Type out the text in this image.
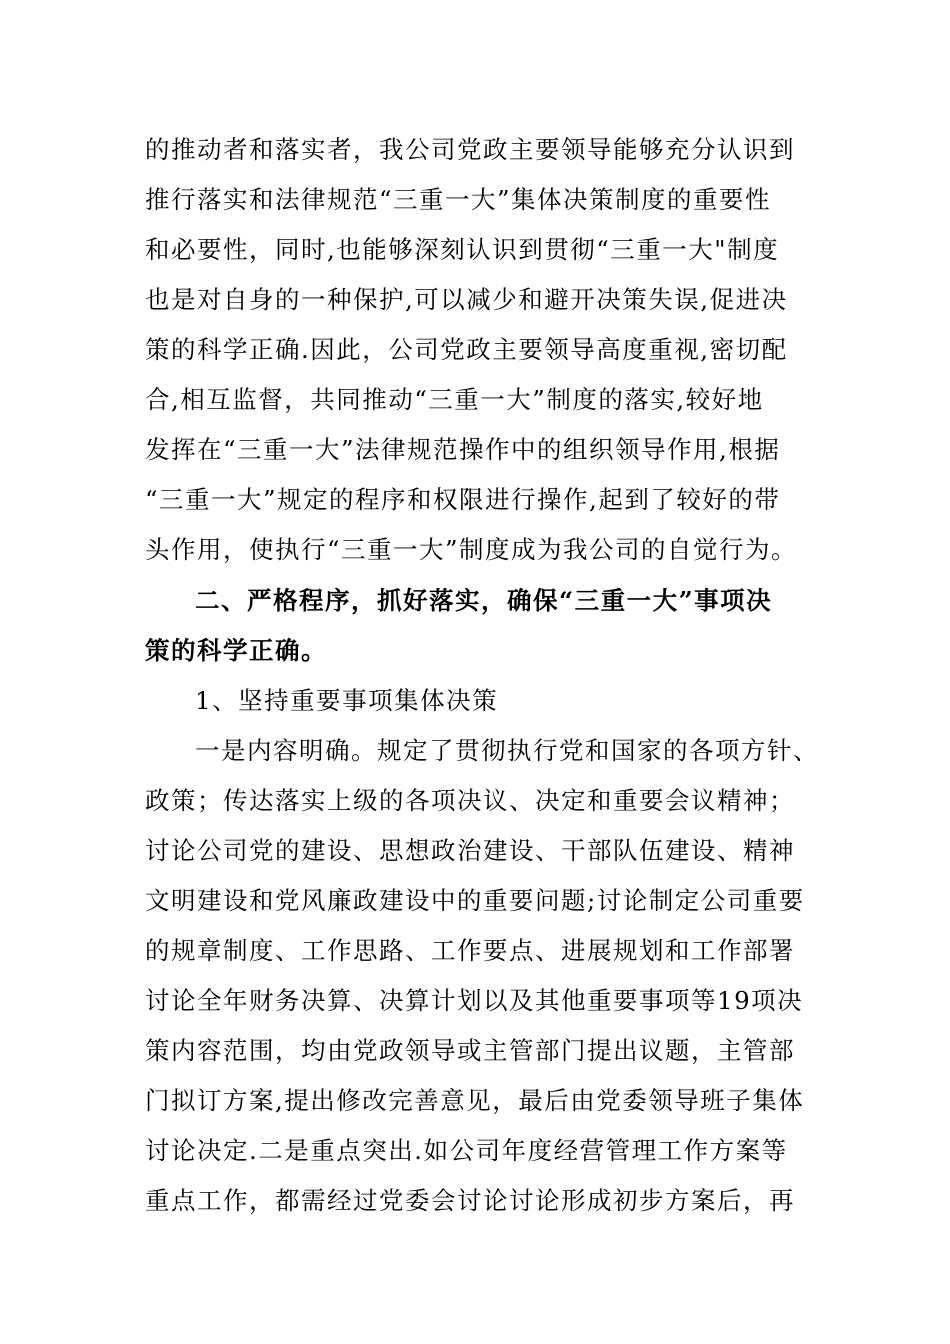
的推动者和落实者，我公司党政主要领导能够充分认识到
推行落实和法律规范“三重一大”集体决策制度的重要性
和必要性，同时,也能够深刻认识到贯彻“三重一大"制度
也是对自身的一种保护,可以减少和避开决策失误,促进决
策的科学正确.因此，公司党政主要领导高度重视,密切配
合,相互监督，共同推动“三重一大”制度的落实,较好地
发挥在“三重一大”法律规范操作中的组织领导作用,根据
“三重一大”规定的程序和权限进行操作,起到了较好的带
头作用，使执行“三重一大”制度成为我公司的自觉行为。
二、严格程序，抓好落实，确保“三重一大”事项决
策的科学正确。
1、坚持重要事项集体决策
一是内容明确。规定了贯彻执行党和国家的各项方针、
政策；传达落实上级的各项决议、决定和重要会议精神；
讨论公司党的建设、思想政治建设、干部队伍建设、精神
文明建设和党风廉政建设中的重要问题;讨论制定公司重要
的规章制度、工作思路、工作要点、进展规划和工作部署
讨论全年财务决算、决算计划以及其他重要事项等19项决
策内容范围，均由党政领导或主管部门提出议题，主管部
门拟订方案,提出修改完善意见，最后由党委领导班子集体
讨论决定.二是重点突出.如公司年度经营管理工作方案等
重点工作，都需经过党委会讨论讨论形成初步方案后，再
